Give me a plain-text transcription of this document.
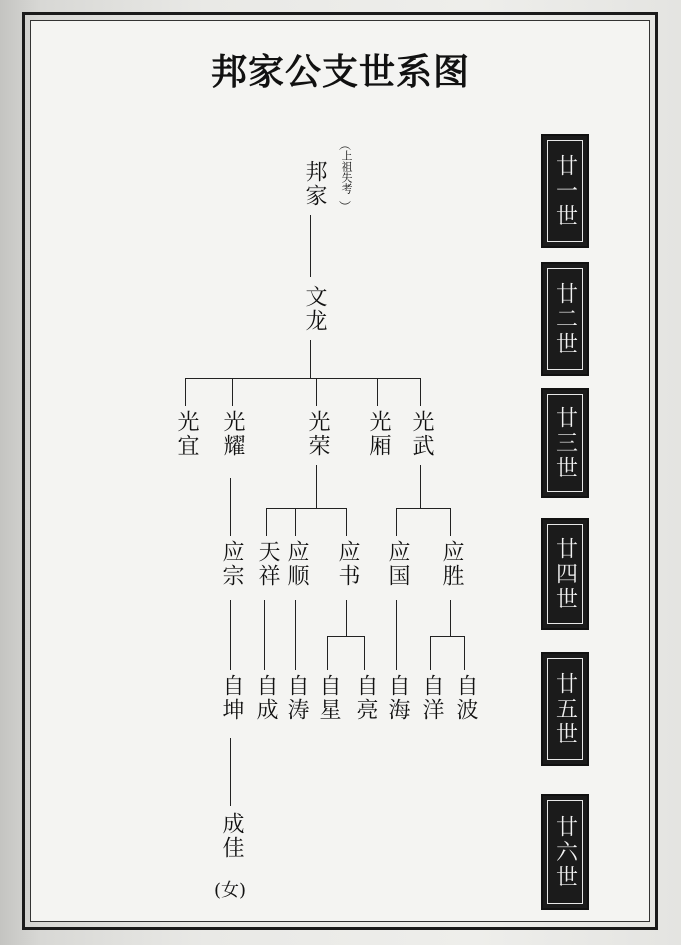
邦家公支世系图
邦家
︵
上祖失考
︶
文龙
光宜 光耀	光荣 光厢 光武
应宗 天祥 应顺 应书 应国 应胜
自坤 自成 自涛 自星 自亮 自海 自洋 自波
成佳
(女)
廿一世
廿二世
廿三世
廿四世
廿五世
廿六世
